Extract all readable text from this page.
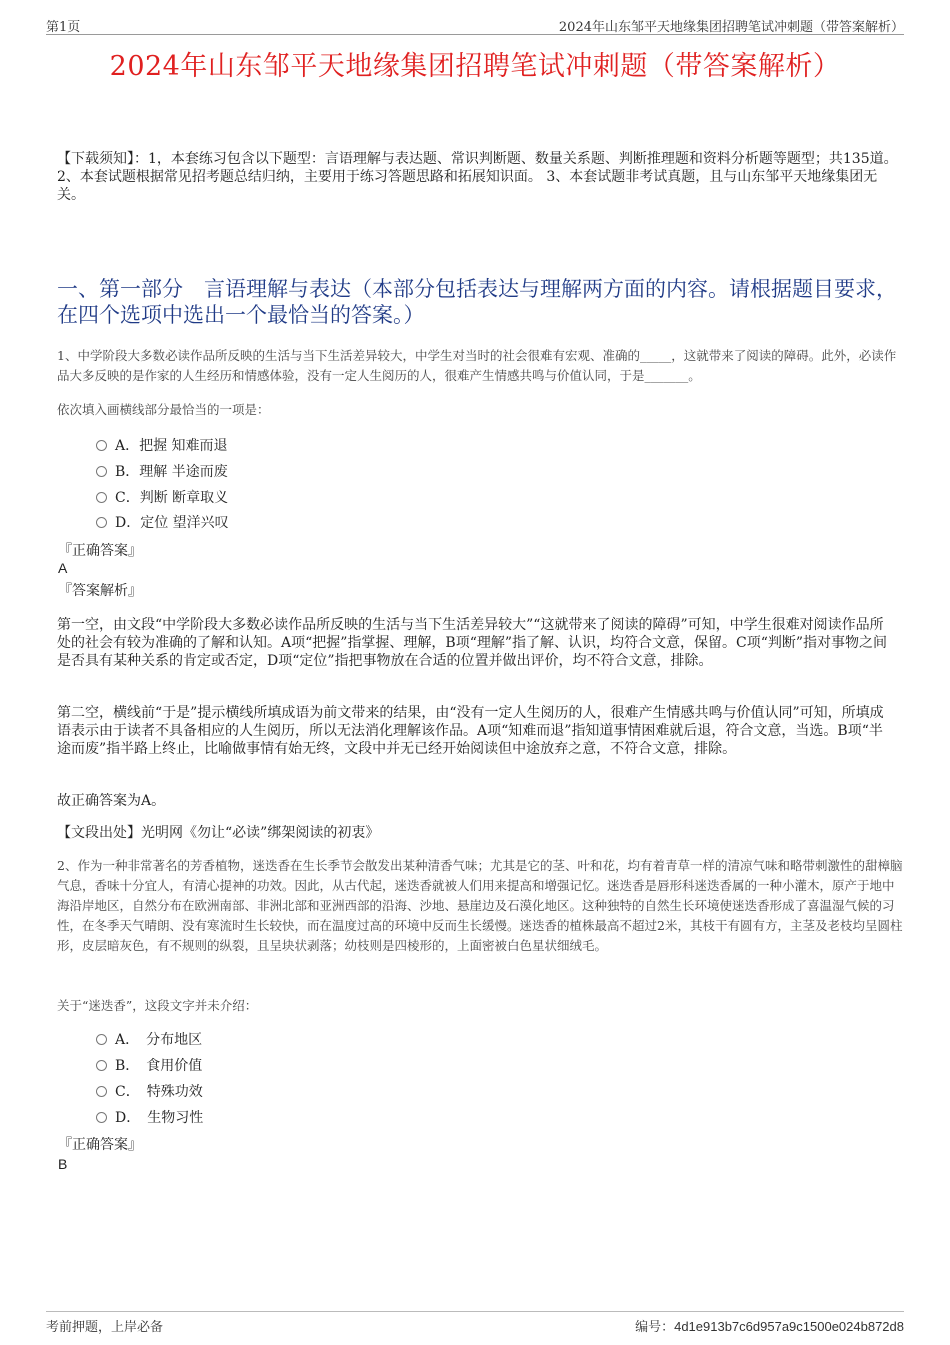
第1页	2024年山东邹平天地缘集团招聘笔试冲刺题（带答案解析）
2024年山东邹平天地缘集团招聘笔试冲刺题（带答案解析）
【下载须知】：1，本套练习包含以下题型：言语理解与表达题、常识判断题、数量关系题、判断推理题和资料分析题等题型；共135道。 2、本套试题根据常见招考题总结归纳，主要用于练习答题思路和拓展知识面。 3、本套试题非考试真题，且与山东邹平天地缘集团无关。
一、第一部分　言语理解与表达（本部分包括表达与理解两方面的内容。请根据题目要求，在四个选项中选出一个最恰当的答案。）
1、中学阶段大多数必读作品所反映的生活与当下生活差异较大，中学生对当时的社会很难有宏观、准确的_____，这就带来了阅读的障碍。此外，必读作品大多反映的是作家的人生经历和情感体验，没有一定人生阅历的人，很难产生情感共鸣与价值认同，于是_______。
依次填入画横线部分最恰当的一项是：
A．把握 知难而退
B．理解 半途而废
C．判断 断章取义
D．定位 望洋兴叹
『正确答案』
A
『答案解析』
第一空，由文段“中学阶段大多数必读作品所反映的生活与当下生活差异较大”“这就带来了阅读的障碍”可知，中学生很难对阅读作品所处的社会有较为准确的了解和认知。A项“把握”指掌握、理解，B项“理解”指了解、认识，均符合文意，保留。C项“判断”指对事物之间是否具有某种关系的肯定或否定，D项“定位”指把事物放在合适的位置并做出评价，均不符合文意，排除。
第二空，横线前“于是”提示横线所填成语为前文带来的结果，由“没有一定人生阅历的人，很难产生情感共鸣与价值认同”可知，所填成语表示由于读者不具备相应的人生阅历，所以无法消化理解该作品。A项“知难而退”指知道事情困难就后退，符合文意，当选。B项“半途而废”指半路上终止，比喻做事情有始无终，文段中并无已经开始阅读但中途放弃之意，不符合文意，排除。
故正确答案为A。
【文段出处】光明网《勿让“必读”绑架阅读的初衷》
2、作为一种非常著名的芳香植物，迷迭香在生长季节会散发出某种清香气味；尤其是它的茎、叶和花，均有着青草一样的清凉气味和略带刺激性的甜樟脑气息，香味十分宜人，有清心提神的功效。因此，从古代起，迷迭香就被人们用来提高和增强记忆。迷迭香是唇形科迷迭香属的一种小灌木，原产于地中海沿岸地区，自然分布在欧洲南部、非洲北部和亚洲西部的沿海、沙地、悬崖边及石漠化地区。这种独特的自然生长环境使迷迭香形成了喜温湿气候的习性，在冬季天气晴朗、没有寒流时生长较快，而在温度过高的环境中反而生长缓慢。迷迭香的植株最高不超过2米，其枝干有圆有方，主茎及老枝均呈圆柱形，皮层暗灰色，有不规则的纵裂，且呈块状剥落；幼枝则是四棱形的，上面密被白色星状细绒毛。
关于“迷迭香”，这段文字并未介绍：
A．　分布地区
B．　食用价值
C．　特殊功效
D．　生物习性
『正确答案』
B
考前押题，上岸必备	编号：4d1e913b7c6d957a9c1500e024b872d8
